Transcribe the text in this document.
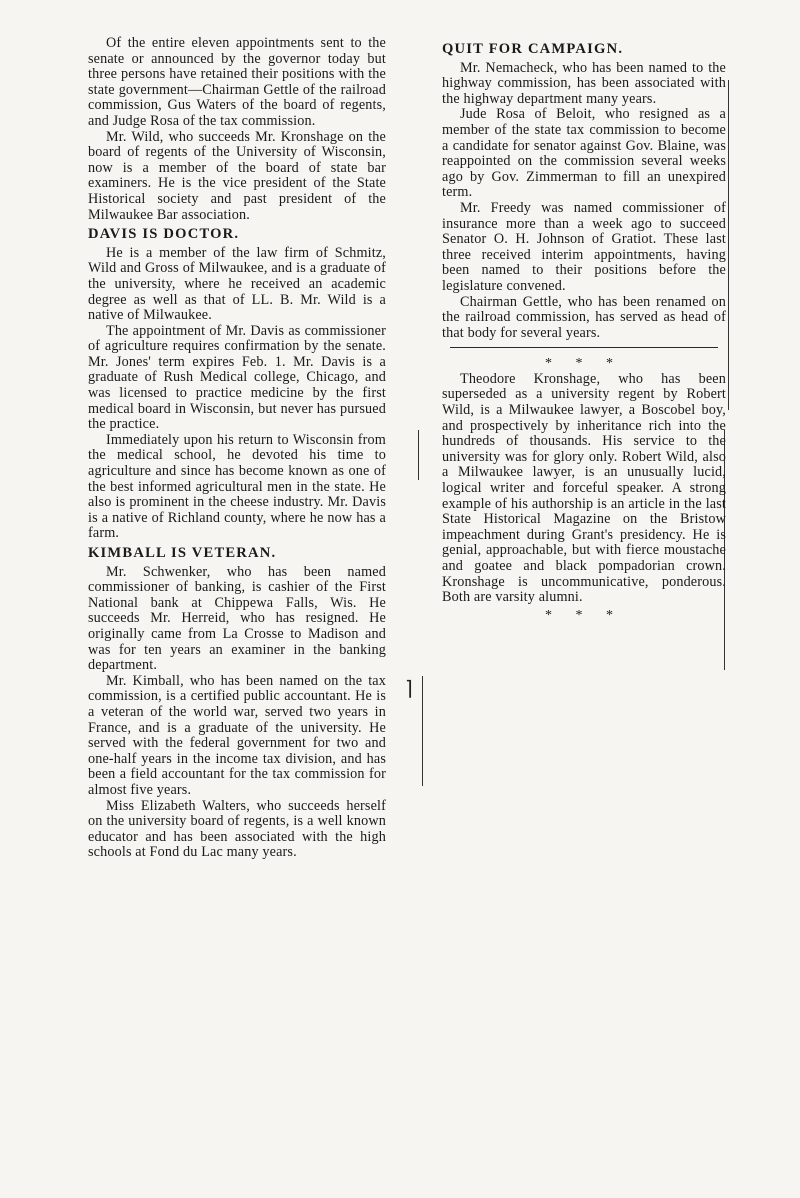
Of the entire eleven appointments sent to the senate or announced by the governor today but three persons have retained their positions with the state government—Chairman Gettle of the railroad commission, Gus Waters of the board of regents, and Judge Rosa of the tax commission.

Mr. Wild, who succeeds Mr. Kronshage on the board of regents of the University of Wisconsin, now is a member of the board of state bar examiners. He is the vice president of the State Historical society and past president of the Milwaukee Bar association.

DAVIS IS DOCTOR.

He is a member of the law firm of Schmitz, Wild and Gross of Milwaukee, and is a graduate of the university, where he received an academic degree as well as that of LL. B. Mr. Wild is a native of Milwaukee.

The appointment of Mr. Davis as commissioner of agriculture requires confirmation by the senate. Mr. Jones' term expires Feb. 1. Mr. Davis is a graduate of Rush Medical college, Chicago, and was licensed to practice medicine by the first medical board in Wisconsin, but never has pursued the practice.

Immediately upon his return to Wisconsin from the medical school, he devoted his time to agriculture and since has become known as one of the best informed agricultural men in the state. He also is prominent in the cheese industry. Mr. Davis is a native of Richland county, where he now has a farm.

KIMBALL IS VETERAN.

Mr. Schwenker, who has been named commissioner of banking, is cashier of the First National bank at Chippewa Falls, Wis. He succeeds Mr. Herreid, who has resigned. He originally came from La Crosse to Madison and was for ten years an examiner in the banking department.

Mr. Kimball, who has been named on the tax commission, is a certified public accountant. He is a veteran of the world war, served two years in France, and is a graduate of the university. He served with the federal government for two and one-half years in the income tax division, and has been a field accountant for the tax commission for almost five years.

Miss Elizabeth Walters, who succeeds herself on the university board of regents, is a well known educator and has been associated with the high schools at Fond du Lac many years.

⌉

QUIT FOR CAMPAIGN.

Mr. Nemacheck, who has been named to the highway commission, has been associated with the highway department many years.

Jude Rosa of Beloit, who resigned as a member of the state tax commission to become a candidate for senator against Gov. Blaine, was reappointed on the commission several weeks ago by Gov. Zimmerman to fill an unexpired term.

Mr. Freedy was named commissioner of insurance more than a week ago to succeed Senator O. H. Johnson of Gratiot. These last three received interim appointments, having been named to their positions before the legislature convened.

Chairman Gettle, who has been renamed on the railroad commission, has served as head of that body for several years.

* * *

Theodore Kronshage, who has been superseded as a university regent by Robert Wild, is a Milwaukee lawyer, a Boscobel boy, and prospectively by inheritance rich into the hundreds of thousands. His service to the university was for glory only. Robert Wild, also a Milwaukee lawyer, is an unusually lucid, logical writer and forceful speaker. A strong example of his authorship is an article in the last State Historical Magazine on the Bristow impeachment during Grant's presidency. He is genial, approachable, but with fierce moustache and goatee and black pompadorian crown. Kronshage is uncommunicative, ponderous. Both are varsity alumni.

* * *
